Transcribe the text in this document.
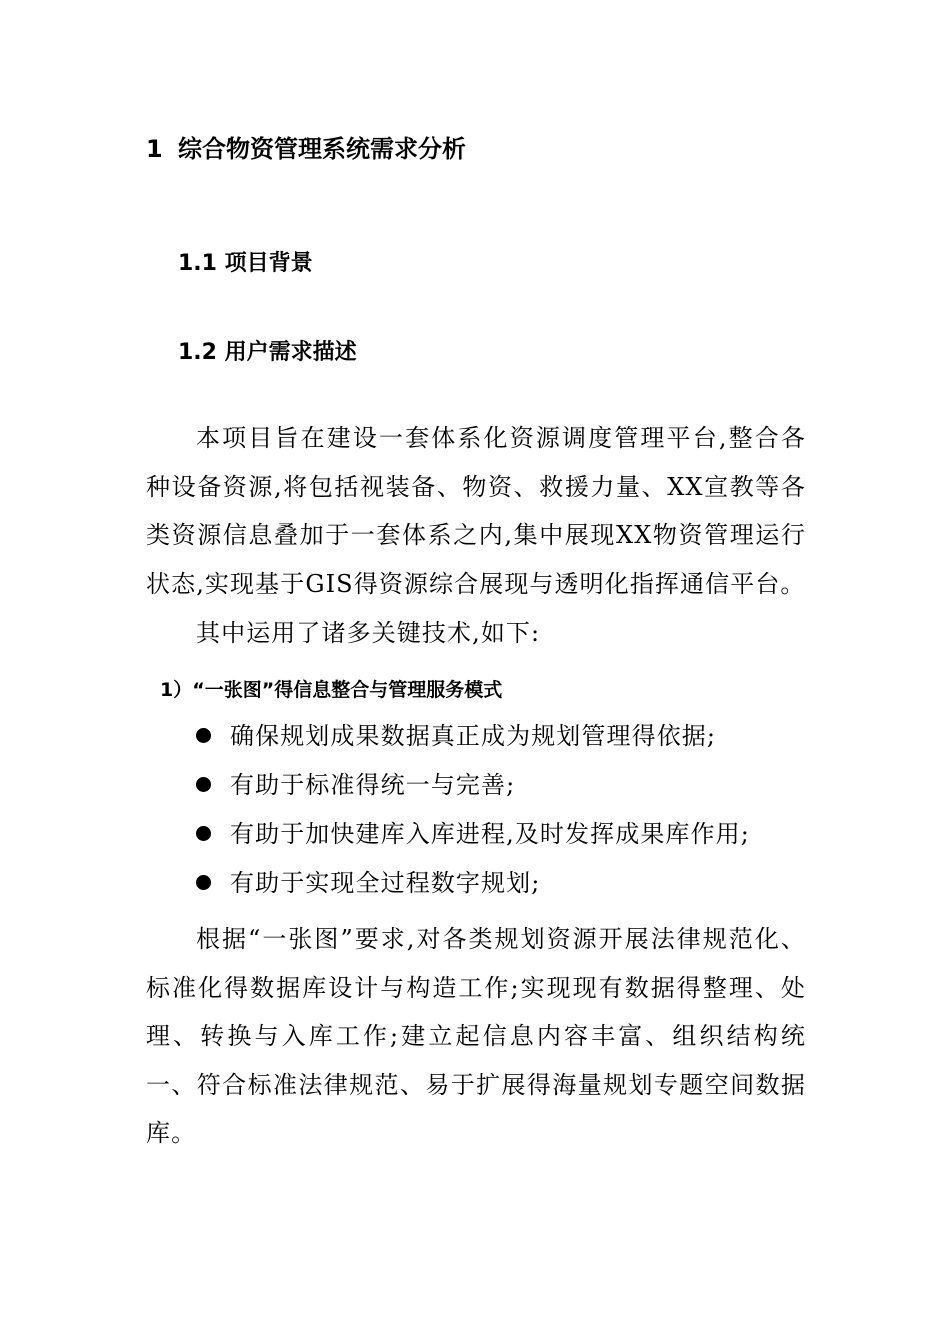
1 综合物资管理系统需求分析
1.1 项目背景
1.2 用户需求描述
本项目旨在建设一套体系化资源调度管理平台,整合各种设备资源,将包括视装备、物资、救援力量、XX宣教等各类资源信息叠加于一套体系之内,集中展现XX物资管理运行状态,实现基于GIS得资源综合展现与透明化指挥通信平台。
其中运用了诸多关键技术,如下:
1）“一张图”得信息整合与管理服务模式
确保规划成果数据真正成为规划管理得依据;
有助于标准得统一与完善;
有助于加快建库入库进程,及时发挥成果库作用;
有助于实现全过程数字规划;
根据“一张图”要求,对各类规划资源开展法律规范化、标准化得数据库设计与构造工作;实现现有数据得整理、处理、转换与入库工作;建立起信息内容丰富、组织结构统一、符合标准法律规范、易于扩展得海量规划专题空间数据库。
